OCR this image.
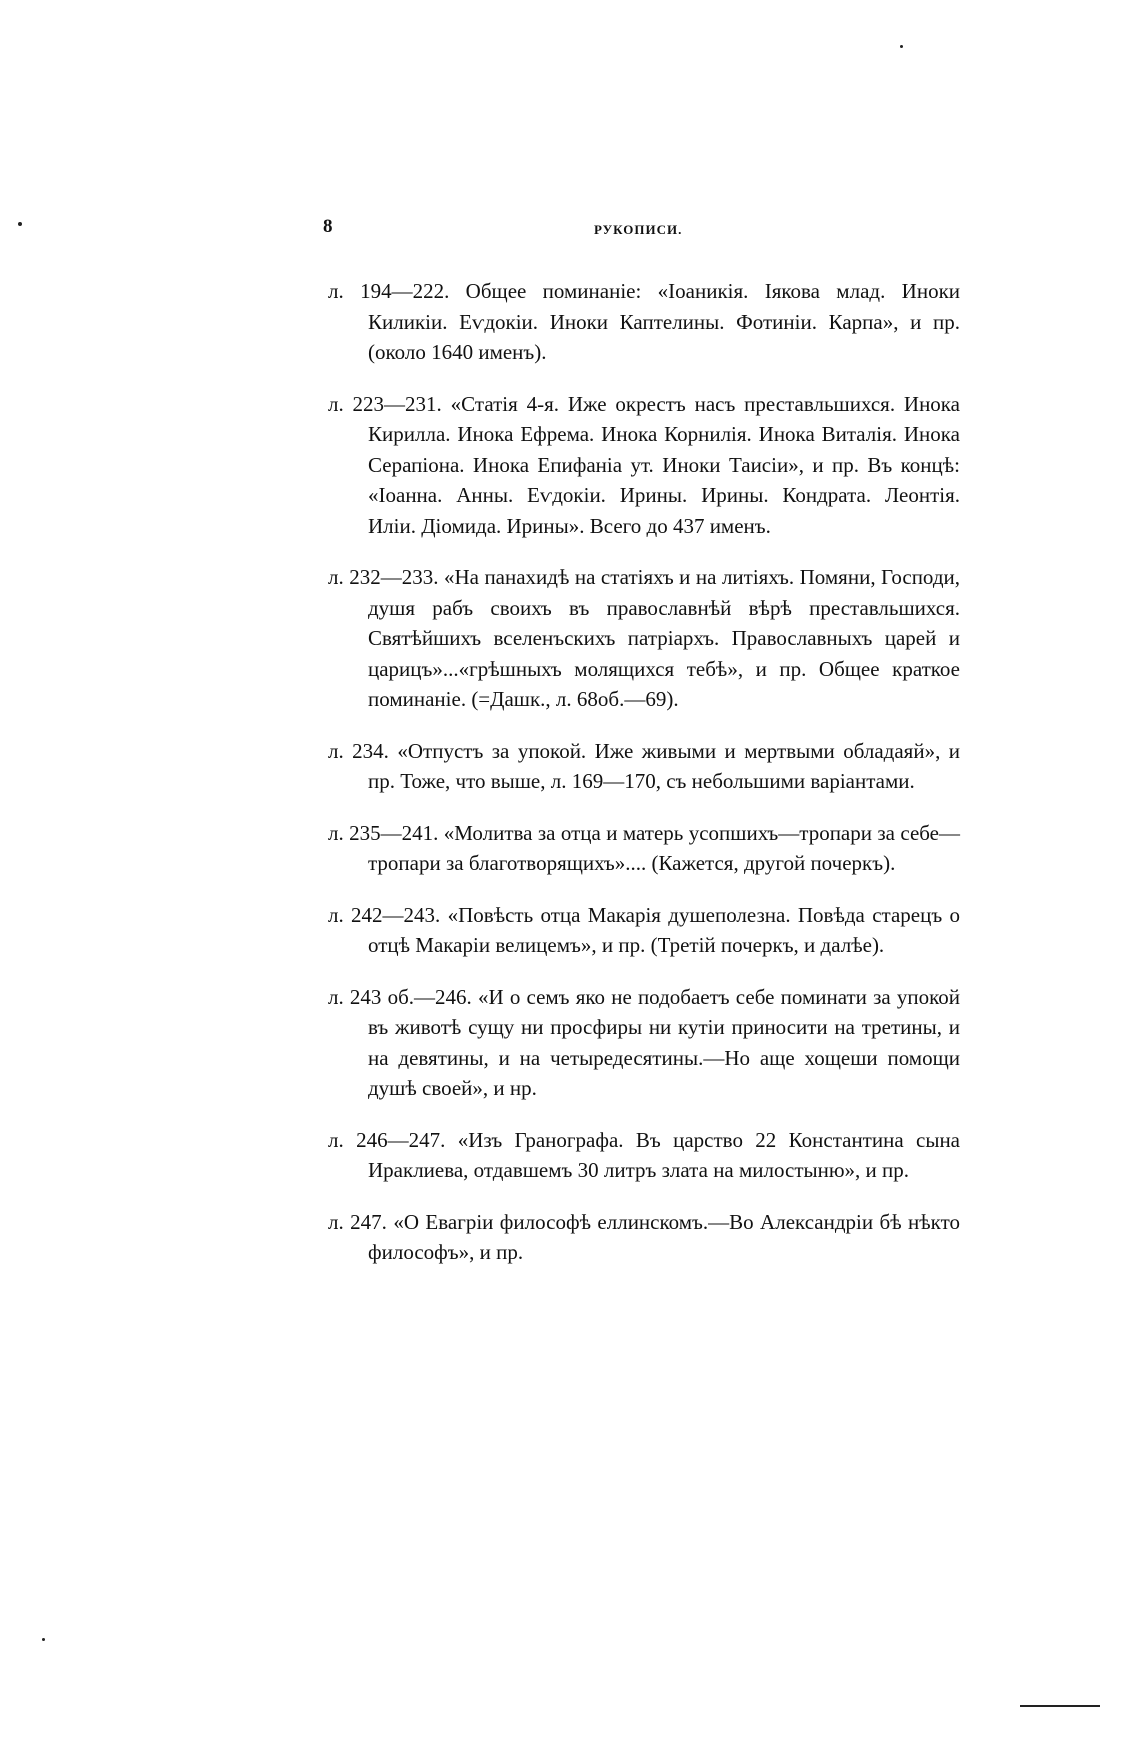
8	РУКОПИСИ.

л. 194—222. Общее поминаніе: «Іоаникія. Іякова млад. Иноки Киликіи. Еѵдокіи. Иноки Каптелины. Фотиніи. Карпа», и пр. (около 1640 именъ).

л. 223—231. «Статія 4-я. Иже окрестъ насъ преставльшихся. Инока Кирилла. Инока Ефрема. Инока Корнилія. Инока Виталія. Инока Серапіона. Инока Епифаніа ут. Иноки Таисіи», и пр. Въ концѣ: «Іоанна. Анны. Еѵдокіи. Ирины. Ирины. Кондрата. Леонтія. Иліи. Діомида. Ирины». Всего до 437 именъ.

л. 232—233. «На панахидѣ на статіяхъ и на литіяхъ. Помяни, Господи, душя рабъ своихъ въ православнѣй вѣрѣ преставльшихся. Святѣйшихъ вселенъскихъ патріархъ. Православныхъ царей и царицъ»...«грѣшныхъ молящихся тебѣ», и пр. Общее краткое поминаніе. (=Дашк., л. 68об.—69).

л. 234. «Отпустъ за упокой. Иже живыми и мертвыми обладаяй», и пр. Тоже, что выше, л. 169—170, съ небольшими варіантами.

л. 235—241. «Молитва за отца и матерь усопшихъ—тропари за себе—тропари за благотворящихъ».... (Кажется, другой почеркъ).

л. 242—243. «Повѣсть отца Макарія душеполезна. Повѣда старецъ о отцѣ Макаріи велицемъ», и пр. (Третій почеркъ, и далѣе).

л. 243 об.—246. «И о семъ яко не подобаетъ себе поминати за упокой въ животѣ сущу ни просфиры ни кутіи приносити на третины, и на девятины, и на четыредесятины.—Но аще хощеши помощи душѣ своей», и нр.

л. 246—247. «Изъ Гранографа. Въ царство 22 Константина сына Ираклиева, отдавшемъ 30 литръ злата на милостыню», и пр.

л. 247. «О Евагріи философѣ еллинскомъ.—Во Александріи бѣ нѣкто философъ», и пр.
